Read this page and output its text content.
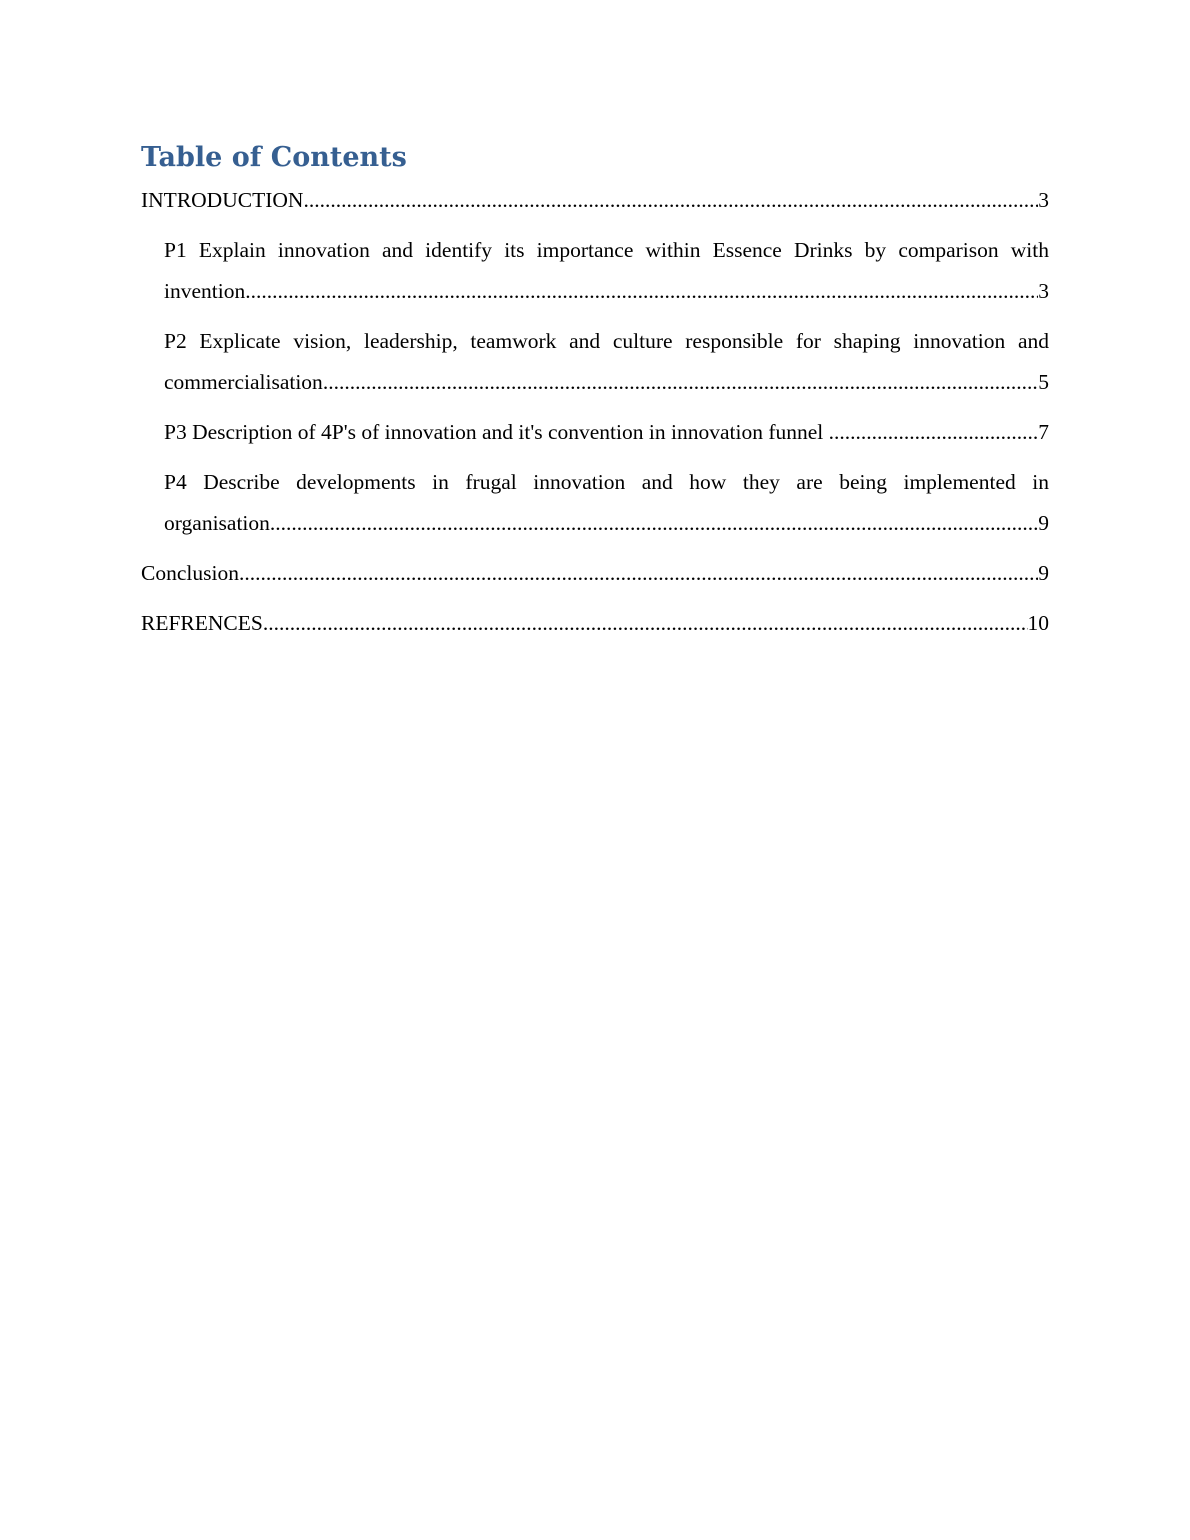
Table of Contents
INTRODUCTION .....	3
P1 Explain innovation and identify its importance within Essence Drinks by comparison with
invention .....	3
P2 Explicate vision, leadership, teamwork and culture responsible for shaping innovation and
commercialisation .....	5
P3 Description of 4P's of innovation and it's convention in innovation funnel .....	7
P4 Describe developments in frugal innovation and how they are being implemented in
organisation .....	9
Conclusion .....	9
REFRENCES .....	10
